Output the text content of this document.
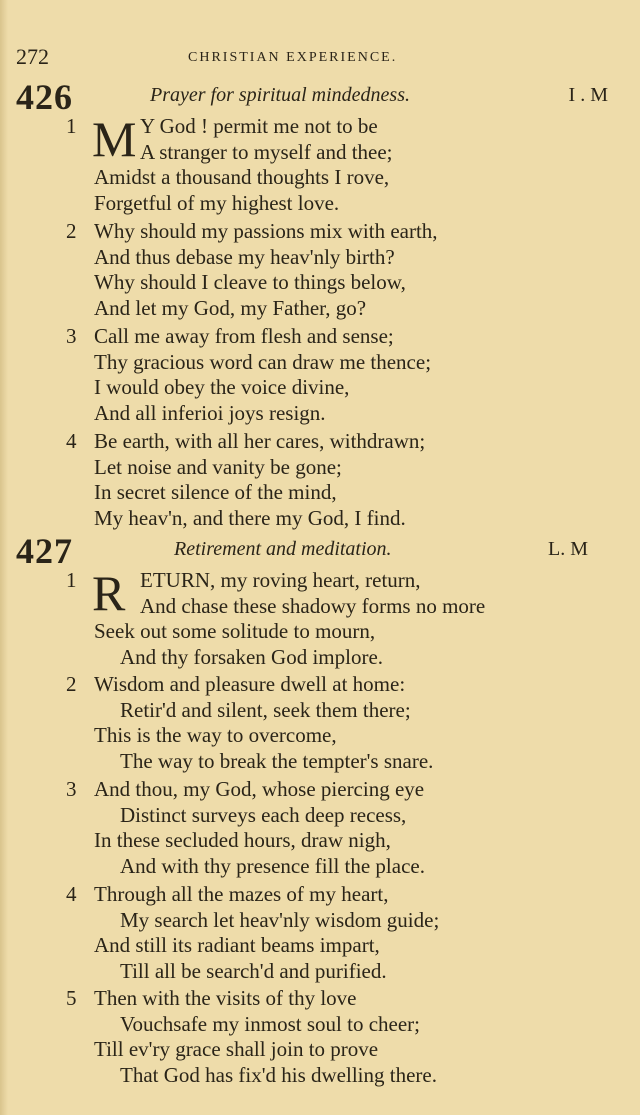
272	CHRISTIAN EXPERIENCE.
426	Prayer for spiritual mindedness.	I . M
M
1	Y God ! permit me not to be
A stranger to myself and thee;
Amidst a thousand thoughts I rove,
Forgetful of my highest love.
2 Why should my passions mix with earth,
And thus debase my heav'nly birth?
Why should I cleave to things below,
And let my God, my Father, go?
3 Call me away from flesh and sense;
Thy gracious word can draw me thence;
I would obey the voice divine,
And all inferioi joys resign.
4 Be earth, with all her cares, withdrawn;
Let noise and vanity be gone;
In secret silence of the mind,
My heav'n, and there my God, I find.
427	Retirement and meditation.	L. M
R
1	ETURN, my roving heart, return,
And chase these shadowy forms no more
Seek out some solitude to mourn,
And thy forsaken God implore.
2 Wisdom and pleasure dwell at home:
Retir'd and silent, seek them there;
This is the way to overcome,
The way to break the tempter's snare.
3 And thou, my God, whose piercing eye
Distinct surveys each deep recess,
In these secluded hours, draw nigh,
And with thy presence fill the place.
4 Through all the mazes of my heart,
My search let heav'nly wisdom guide;
And still its radiant beams impart,
Till all be search'd and purified.
5 Then with the visits of thy love
Vouchsafe my inmost soul to cheer;
Till ev'ry grace shall join to prove
That God has fix'd his dwelling there.
